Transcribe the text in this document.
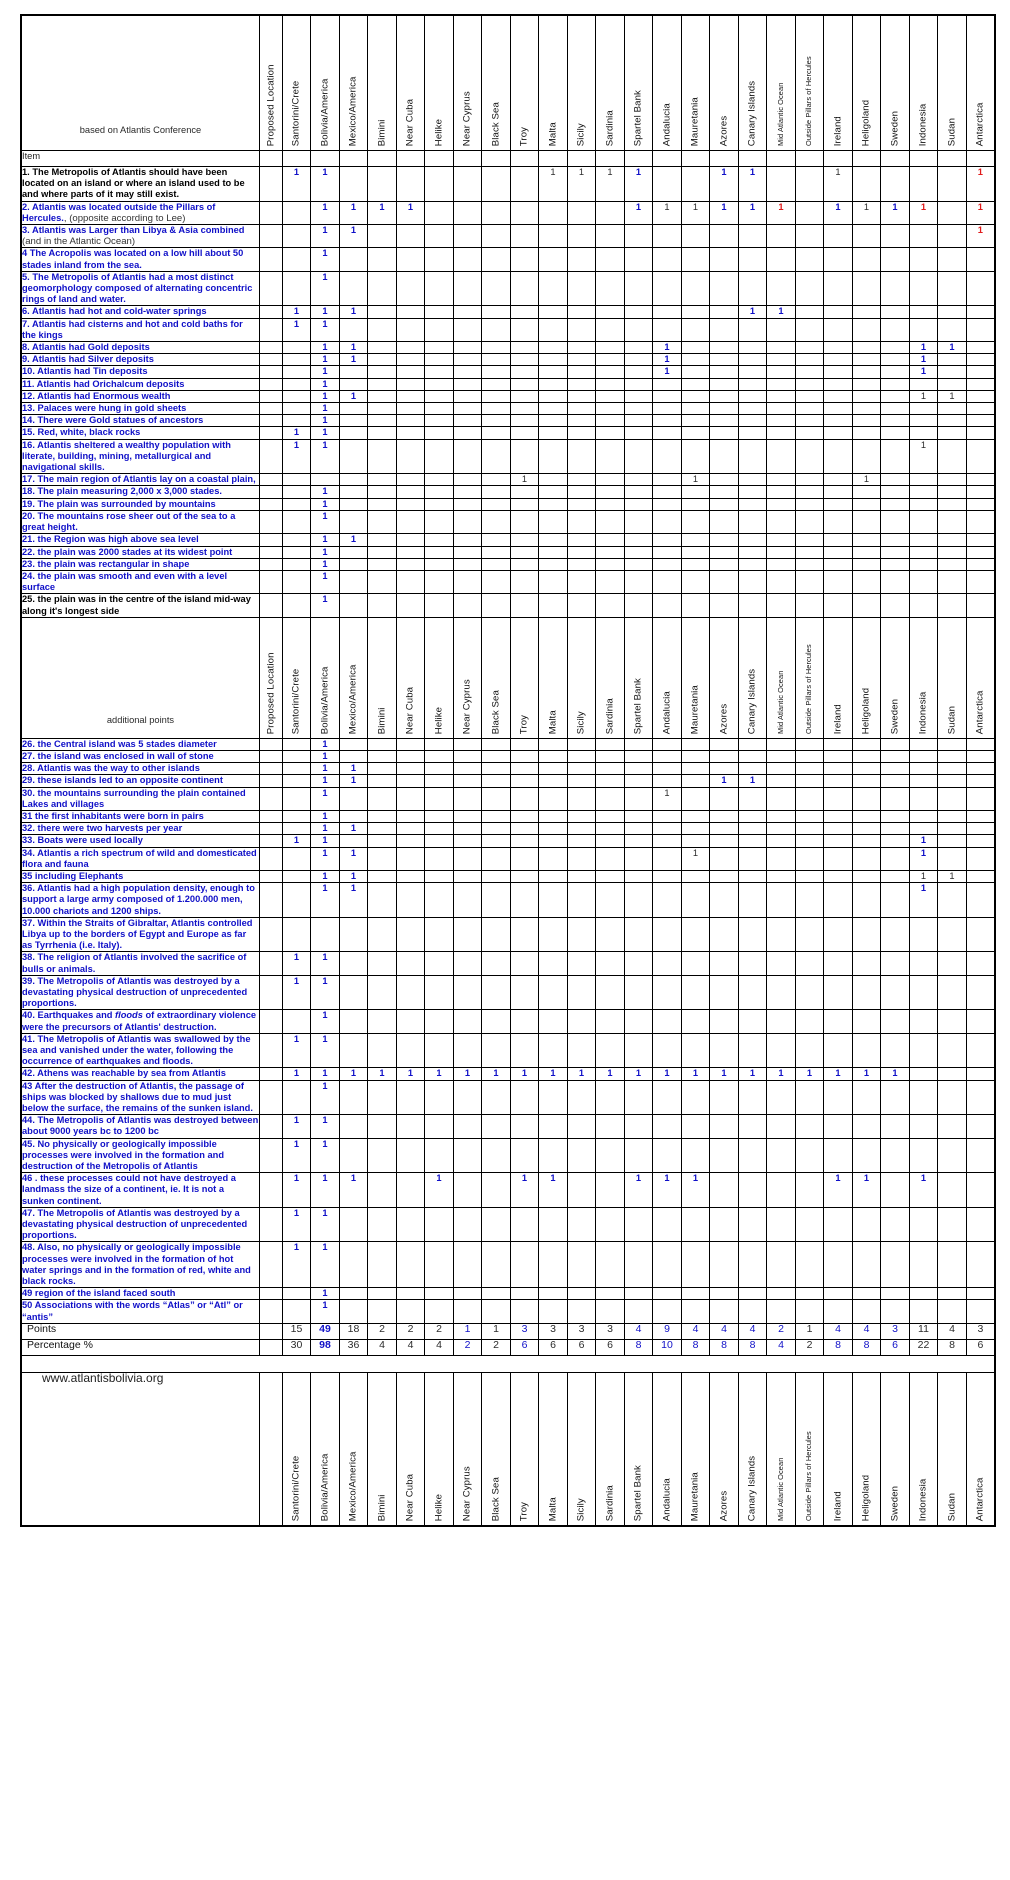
based on Atlantis Conference	Proposed Location	Santorini/Crete	Bolivia/America	Mexico/America	Bimini	Near Cuba	Helike	Near Cyprus	Black Sea	Troy	Malta	Sicily	Sardinia	Spartel Bank	Andalucia	Mauretania	Azores	Canary Islands	Mid Atlantic Ocean	Outside Pillars of Hercules	Ireland	Heligoland	Sweden	Indonesia	Sudan	Antarctica

Item																										
1. The Metropolis of Atlantis should have been located on an island or where an island used to be and where parts of it may still exist.		1	1								1	1	1	1			1	1			1					1
2. Atlantis was located outside the Pillars of Hercules., (opposite according to Lee)			1	1	1	1								1	1	1	1	1	1		1	1	1	1		1
3. Atlantis was Larger than Libya & Asia combined (and in the Atlantic Ocean)			1	1																						1
4 The Acropolis was located on a low hill about 50 stades inland from the sea.			1																							
5. The Metropolis of Atlantis had a most distinct geomorphology composed of alternating concentric rings of land and water.			1																							
6. Atlantis had hot and cold-water springs		1	1	1														1	1							
7. Atlantis had cisterns and hot and cold baths for the kings		1	1																							
8. Atlantis had Gold deposits			1	1											1									1	1	
9. Atlantis had Silver deposits			1	1											1									1		
10. Atlantis had Tin deposits			1												1									1		
11. Atlantis had Orichalcum deposits			1																							
12. Atlantis had Enormous wealth			1	1																				1	1	
13. Palaces were hung in gold sheets			1																							
14. There were Gold statues of ancestors			1																							
15. Red, white, black rocks		1	1																							
16. Atlantis sheltered a wealthy population with literate, building, mining, metallurgical and navigational skills.		1	1																					1		
17. The main region of Atlantis lay on a coastal plain,										1						1						1				
18. The plain measuring 2,000 x 3,000 stades.			1																							
19. The plain was surrounded by mountains			1																							
20. The mountains rose sheer out of the sea to a great height.			1																							
21. the Region was high above sea level			1	1																						
22. the plain was 2000 stades at its widest point			1																							
23. the plain was rectangular in shape			1																							
24. the plain was smooth and even with a level surface			1																							
25. the plain was in the centre of the island mid-way along it's longest side			1																							
additional points	Proposed Location	Santorini/Crete	Bolivia/America	Mexico/America	Bimini	Near Cuba	Helike	Near Cyprus	Black Sea	Troy	Malta	Sicily	Sardinia	Spartel Bank	Andalucia	Mauretania	Azores	Canary Islands	Mid Atlantic Ocean	Outside Pillars of Hercules	Ireland	Heligoland	Sweden	Indonesia	Sudan	Antarctica

26. the Central island was 5 stades diameter			1																							
27. the island was enclosed in wall of stone			1																							
28. Atlantis was the way to other islands			1	1																						
29. these islands led to an opposite continent			1	1													1	1								
30. the mountains surrounding the plain contained Lakes and villages			1												1											
31 the first inhabitants were born in pairs			1																							
32. there were two harvests per year			1	1																						
33. Boats were used locally		1	1																					1		
34. Atlantis a rich spectrum of wild and domesticated flora and fauna			1	1												1								1		
35 including Elephants			1	1																				1	1	
36. Atlantis had a high population density, enough to support a large army composed of 1.200.000 men, 10.000 chariots and 1200 ships.			1	1																				1		
37. Within the Straits of Gibraltar, Atlantis controlled Libya up to the borders of Egypt and Europe as far as Tyrrhenia (i.e. Italy).																										
38. The religion of Atlantis involved the sacrifice of bulls or animals.		1	1																							
39. The Metropolis of Atlantis was destroyed by a devastating physical destruction of unprecedented proportions.		1	1																							
40. Earthquakes and floods of extraordinary violence were the precursors of Atlantis' destruction.			1																							
41. The Metropolis of Atlantis was swallowed by the sea and vanished under the water, following the occurrence of earthquakes and floods.		1	1																							
42. Athens was reachable by sea from Atlantis		1	1	1	1	1	1	1	1	1	1	1	1	1	1	1	1	1	1	1	1	1	1			
43 After the destruction of Atlantis, the passage of ships was blocked by shallows due to mud just below the surface, the remains of the sunken island.			1																							
44. The Metropolis of Atlantis was destroyed between about 9000 years bc to 1200 bc		1	1																							
45. No physically or geologically impossible processes were involved in the formation and destruction of the Metropolis of Atlantis		1	1																							
46 . these processes could not have destroyed a landmass the size of a continent, ie. It is not a sunken continent.		1	1	1			1			1	1			1	1	1					1	1		1		
47. The Metropolis of Atlantis was destroyed by a devastating physical destruction of unprecedented proportions.		1	1																							
48. Also, no physically or geologically impossible processes were involved in the formation of hot water springs and in the formation of red, white and black rocks.		1	1																							
49 region of the island faced south			1																							
50 Associations with the words “Atlas” or “Atl” or “antis”			1																							
Points		15	49	18	2	2	2	1	1	3	3	3	3	4	9	4	4	4	2	1	4	4	3	11	4	3
Percentage %		30	98	36	4	4	4	2	2	6	6	6	6	8	10	8	8	8	4	2	8	8	6	22	8	6

www.atlantisbolivia.org		Santorini/Crete	Bolivia/America	Mexico/America	Bimini	Near Cuba	Helike	Near Cyprus	Black Sea	Troy	Malta	Sicily	Sardinia	Spartel Bank	Andalucia	Mauretania	Azores	Canary Islands	Mid Atlantic Ocean	Outside Pillars of Hercules	Ireland	Heligoland	Sweden	Indonesia	Sudan	Antarctica
